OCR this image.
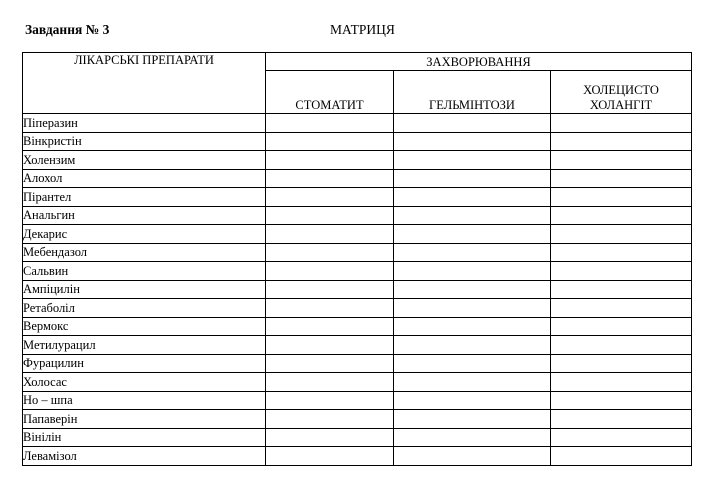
Завдання № 3	МАТРИЦЯ
ЛІКАРСЬКІ ПРЕПАРАТИ	ЗАХВОРЮВАННЯ		
	СТОМАТИТ	ГЕЛЬМІНТОЗИ	ХОЛЕЦИСТО ХОЛАНГІТ
Піперазин			
Вінкристін			
Холензим			
Алохол			
Пірантел			
Анальгин			
Декарис			
Мебендазол			
Сальвин			
Ампіцилін			
Ретаболіл			
Вермокс			
Метилурацил			
Фурацилин			
Холосас			
Но – шпа			
Папаверін			
Вінілін			
Левамізол			
